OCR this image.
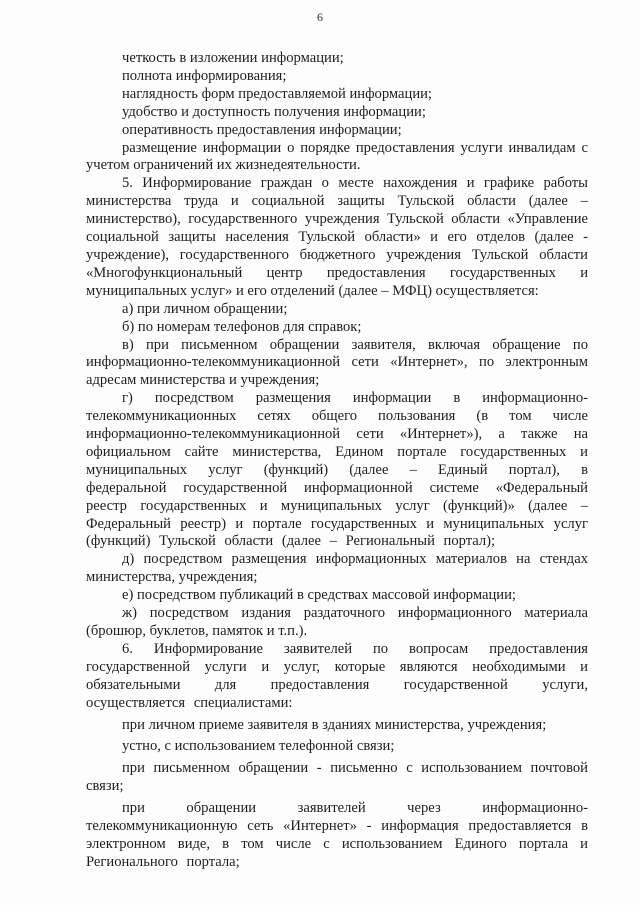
6

четкость в изложении информации;

полнота информирования;

наглядность форм предоставляемой информации;

удобство и доступность получения информации;

оперативность предоставления информации;

размещение информации о порядке предоставления услуги инвалидам с учетом ограничений их жизнедеятельности.

5. Информирование граждан о месте нахождения и графике работы министерства труда и социальной защиты Тульской области (далее – министерство), государственного учреждения Тульской области «Управление социальной защиты населения Тульской области» и его отделов (далее - учреждение), государственного бюджетного учреждения Тульской области «Многофункциональный центр предоставления государственных и муниципальных услуг» и его отделений (далее – МФЦ) осуществляется:

а) при личном обращении;

б) по номерам телефонов для справок;

в) при письменном обращении заявителя, включая обращение по информационно-телекоммуникационной сети «Интернет», по электронным адресам министерства и учреждения;

г) посредством размещения информации в информационно-телекоммуникационных сетях общего пользования (в том числе информационно-телекоммуникационной сети «Интернет»), а также на официальном сайте министерства, Едином портале государственных и муниципальных услуг (функций) (далее – Единый портал), в федеральной государственной информационной системе «Федеральный реестр государственных и муниципальных услуг (функций)» (далее – Федеральный реестр) и портале государственных и муниципальных услуг (функций) Тульской области (далее – Региональный портал);

д) посредством размещения информационных материалов на стендах министерства, учреждения;

е) посредством публикаций в средствах массовой информации;

ж) посредством издания раздаточного информационного материала (брошюр, буклетов, памяток и т.п.).

6. Информирование заявителей по вопросам предоставления государственной услуги и услуг, которые являются необходимыми и обязательными для предоставления государственной услуги, осуществляется специалистами:

при личном приеме заявителя в зданиях министерства, учреждения;

устно, с использованием телефонной связи;

при письменном обращении - письменно с использованием почтовой связи;

при обращении заявителей через информационно-телекоммуникационную сеть «Интернет» - информация предоставляется в электронном виде, в том числе с использованием Единого портала и Регионального портала;
